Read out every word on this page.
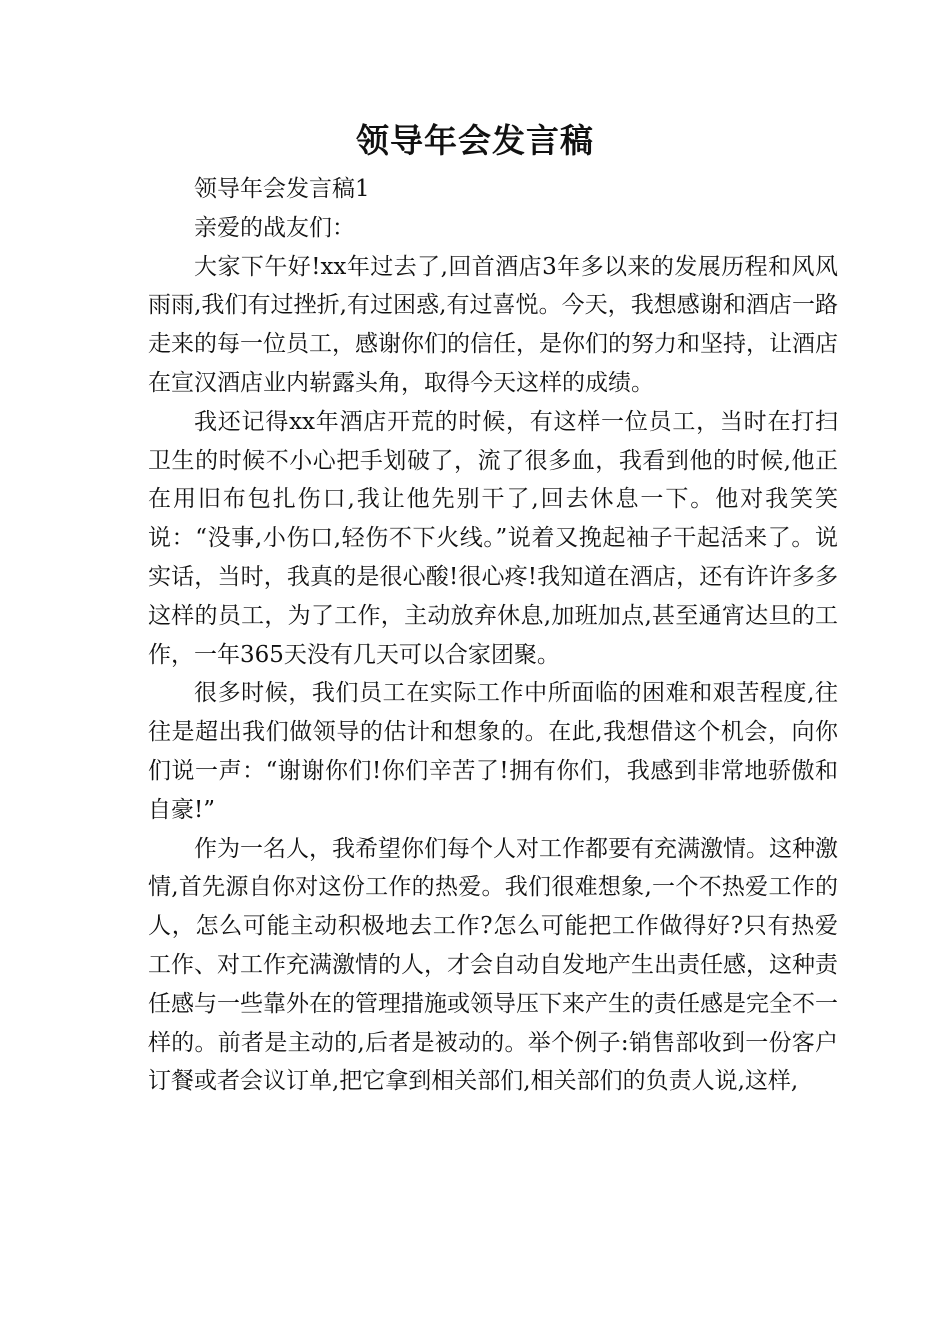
领导年会发言稿

领导年会发言稿1

亲爱的战友们：

大家下午好!xx年过去了,回首酒店3年多以来的发展历程和风风雨雨,我们有过挫折,有过困惑,有过喜悦。今天，我想感谢和酒店一路走来的每一位员工，感谢你们的信任，是你们的努力和坚持，让酒店在宣汉酒店业内崭露头角，取得今天这样的成绩。

我还记得xx年酒店开荒的时候，有这样一位员工，当时在打扫卫生的时候不小心把手划破了，流了很多血，我看到他的时候,他正在用旧布包扎伤口,我让他先别干了,回去休息一下。他对我笑笑说：“没事,小伤口,轻伤不下火线。”说着又挽起袖子干起活来了。说实话，当时，我真的是很心酸!很心疼!我知道在酒店，还有许许多多这样的员工，为了工作，主动放弃休息,加班加点,甚至通宵达旦的工作，一年365天没有几天可以合家团聚。

很多时候，我们员工在实际工作中所面临的困难和艰苦程度,往往是超出我们做领导的估计和想象的。在此,我想借这个机会，向你们说一声：“谢谢你们!你们辛苦了!拥有你们，我感到非常地骄傲和自豪!”

作为一名人，我希望你们每个人对工作都要有充满激情。这种激情,首先源自你对这份工作的热爱。我们很难想象,一个不热爱工作的人，怎么可能主动积极地去工作?怎么可能把工作做得好?只有热爱工作、对工作充满激情的人，才会自动自发地产生出责任感，这种责任感与一些靠外在的管理措施或领导压下来产生的责任感是完全不一样的。前者是主动的,后者是被动的。举个例子:销售部收到一份客户订餐或者会议订单,把它拿到相关部们,相关部们的负责人说,这样,
